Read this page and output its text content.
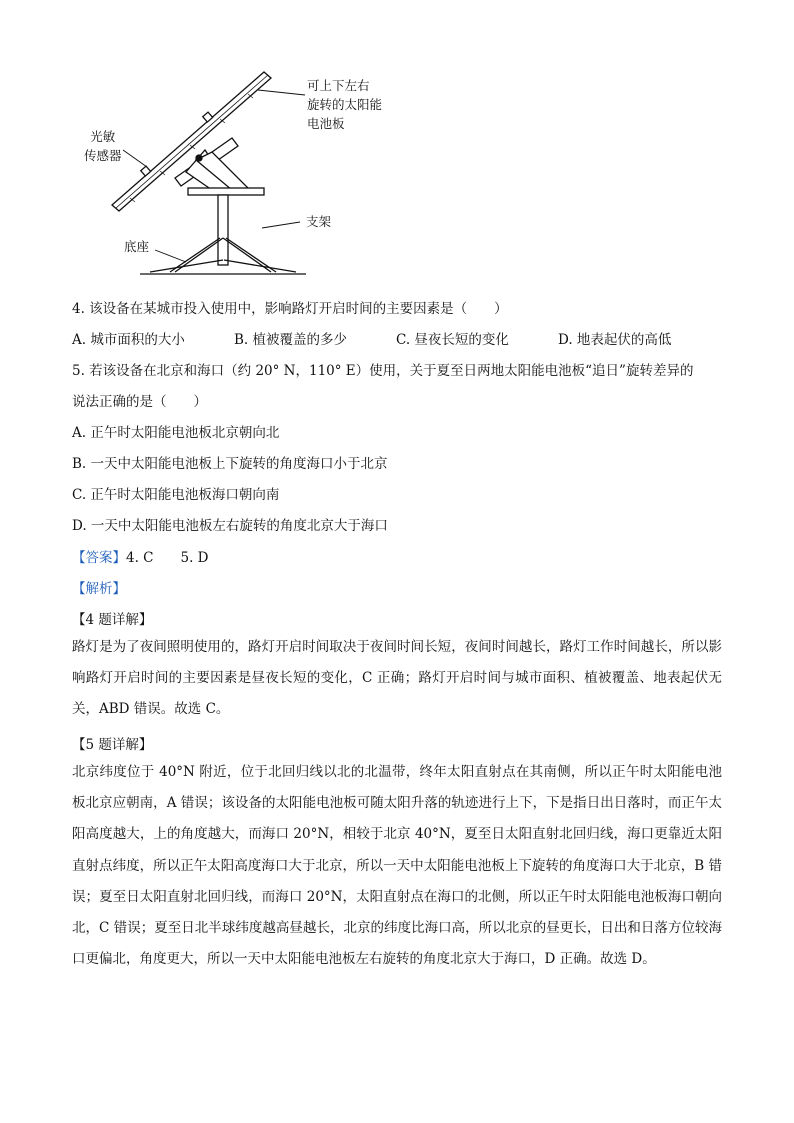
可上下左右
旋转的太阳能
电池板
光敏
传感器
支架
底座
4. 该设备在某城市投入使用中，影响路灯开启时间的主要因素是（　　）
A. 城市面积的大小	B. 植被覆盖的多少	C. 昼夜长短的变化	D. 地表起伏的高低
5. 若该设备在北京和海口（约 20° N，110° E）使用，关于夏至日两地太阳能电池板“追日”旋转差异的
说法正确的是（　　）
A. 正午时太阳能电池板北京朝向北
B. 一天中太阳能电池板上下旋转的角度海口小于北京
C. 正午时太阳能电池板海口朝向南
D. 一天中太阳能电池板左右旋转的角度北京大于海口
【答案】4. C　　5. D
【解析】
【4 题详解】
路灯是为了夜间照明使用的，路灯开启时间取决于夜间时间长短，夜间时间越长，路灯工作时间越长，所以影响路灯开启时间的主要因素是昼夜长短的变化，C 正确；路灯开启时间与城市面积、植被覆盖、地表起伏无关，ABD 错误。故选 C。
【5 题详解】
北京纬度位于 40°N 附近，位于北回归线以北的北温带，终年太阳直射点在其南侧，所以正午时太阳能电池板北京应朝南，A 错误；该设备的太阳能电池板可随太阳升落的轨迹进行上下，下是指日出日落时，而正午太阳高度越大，上的角度越大，而海口 20°N，相较于北京 40°N，夏至日太阳直射北回归线，海口更靠近太阳直射点纬度，所以正午太阳高度海口大于北京，所以一天中太阳能电池板上下旋转的角度海口大于北京，B 错误；夏至日太阳直射北回归线，而海口 20°N，太阳直射点在海口的北侧，所以正午时太阳能电池板海口朝向北，C 错误；夏至日北半球纬度越高昼越长，北京的纬度比海口高，所以北京的昼更长，日出和日落方位较海口更偏北，角度更大，所以一天中太阳能电池板左右旋转的角度北京大于海口，D 正确。故选 D。
